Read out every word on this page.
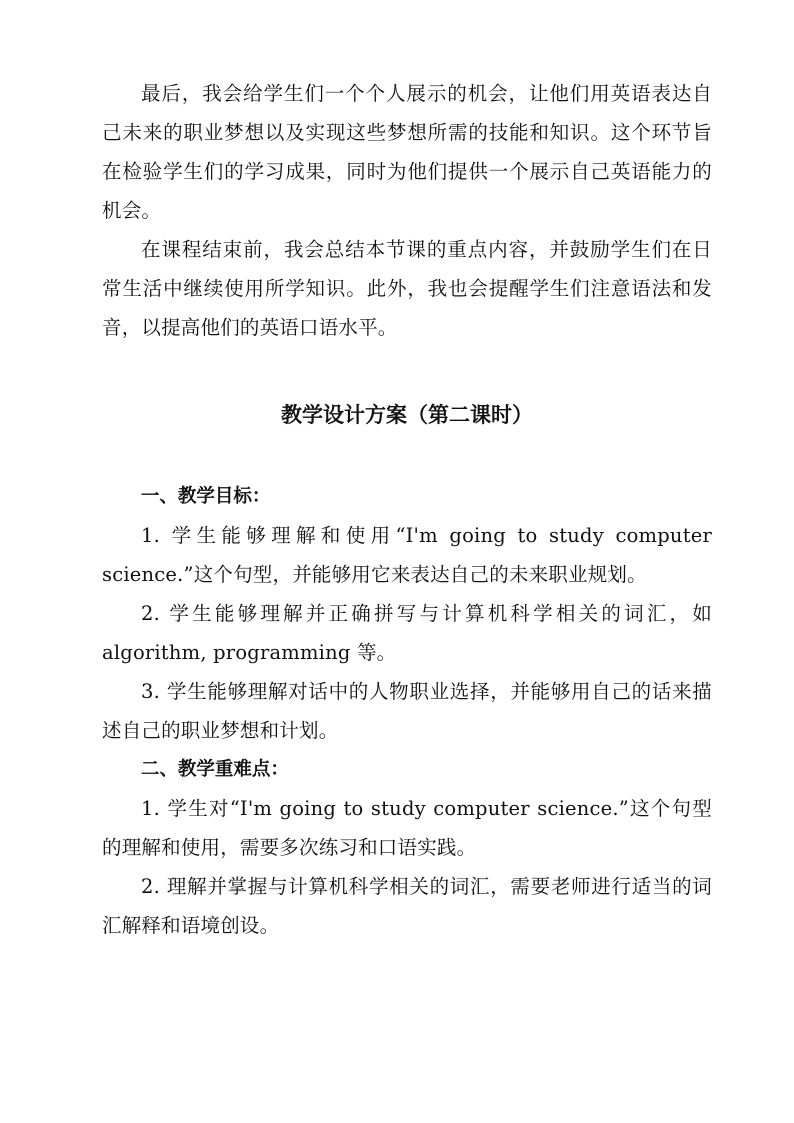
最后，我会给学生们一个个人展示的机会，让他们用英语表达自己未来的职业梦想以及实现这些梦想所需的技能和知识。这个环节旨在检验学生们的学习成果，同时为他们提供一个展示自己英语能力的机会。

在课程结束前，我会总结本节课的重点内容，并鼓励学生们在日常生活中继续使用所学知识。此外，我也会提醒学生们注意语法和发音，以提高他们的英语口语水平。

教学设计方案（第二课时）
一、教学目标：

1. 学生能够理解和使用“I'm going to study computer science.”这个句型，并能够用它来表达自己的未来职业规划。

2. 学生能够理解并正确拼写与计算机科学相关的词汇，如algorithm, programming 等。

3. 学生能够理解对话中的人物职业选择，并能够用自己的话来描述自己的职业梦想和计划。

二、教学重难点：

1. 学生对“I'm going to study computer science.”这个句型的理解和使用，需要多次练习和口语实践。

2. 理解并掌握与计算机科学相关的词汇，需要老师进行适当的词汇解释和语境创设。
